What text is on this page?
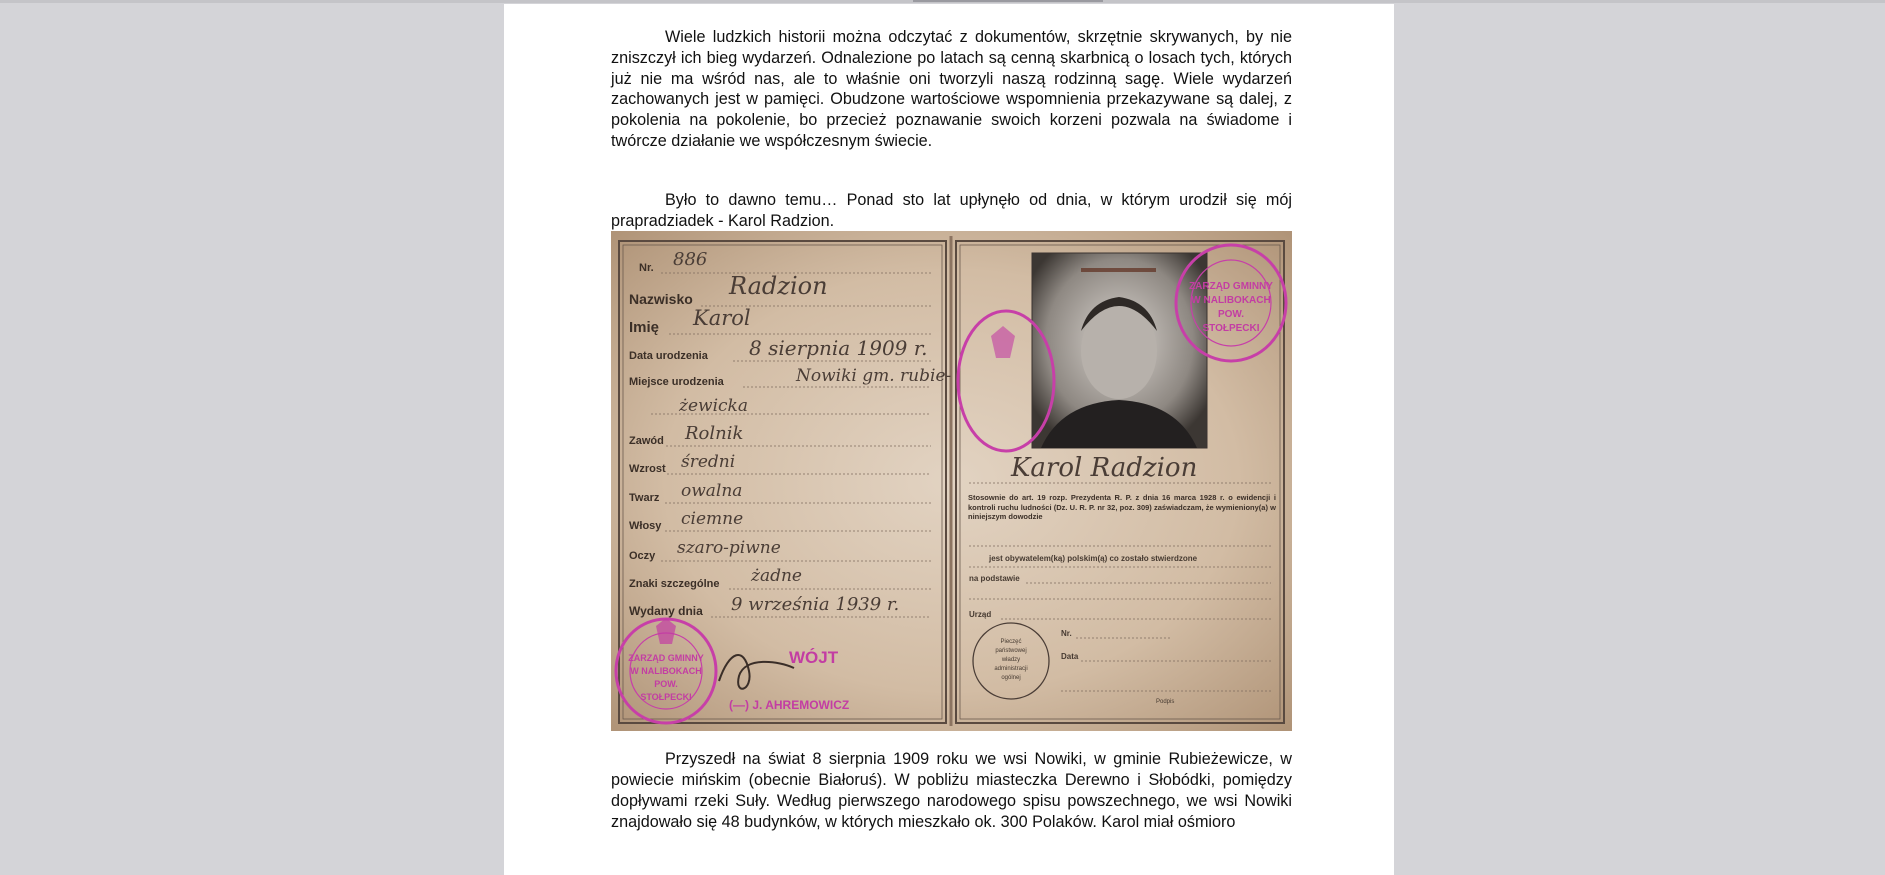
Wiele ludzkich historii można odczytać z dokumentów, skrzętnie skrywanych, by nie zniszczył ich bieg wydarzeń. Odnalezione po latach są cenną skarbnicą o losach tych, których już nie ma wśród nas, ale to właśnie oni tworzyli naszą rodzinną sagę. Wiele wydarzeń zachowanych jest w pamięci. Obudzone wartościowe wspomnienia przekazywane są dalej, z pokolenia na pokolenie, bo przecież poznawanie swoich korzeni pozwala na świadome i twórcze działanie we współczesnym świecie.

Było to dawno temu… Ponad sto lat upłynęło od dnia, w którym urodził się mój prapradziadek - Karol Radzion.

Nr. 886
Nazwisko Radzion
Imię Karol
Data urodzenia 8 sierpnia 1909 r.
Miejsce urodzenia	Nowiki gm. rubie-
żewicka
Zawód Rolnik
Wzrost średni
Twarz owalna
Włosy ciemne
Oczy szaro-piwne
Znaki szczególne żadne
Wydany dnia 9 września 1939 r.
ZARZĄD GMINNY
W NALIBOKACH
POW.
STOŁPECKI
WÓJT
(—) J. AHREMOWICZ
ZARZĄD GMINNY
W NALIBOKACH
POW.
STOŁPECKI
Karol Radzion
Stosownie do art. 19 rozp. Prezydenta R. P. z dnia 16 marca 1928 r. o ewidencji i kontroli ruchu ludności (Dz. U. R. P. nr 32, poz. 309) zaświadczam, że wymieniony(a) w niniejszym dowodzie
jest obywatelem(ką) polskim(ą) co zostało stwierdzone
na podstawie
Urząd
Pieczęć
państwowej
władzy
administracji
ogólnej
Nr.
Data
Podpis

Przyszedł na świat 8 sierpnia 1909 roku we wsi Nowiki, w gminie Rubieżewicze, w powiecie mińskim (obecnie Białoruś). W pobliżu miasteczka Derewno i Słobódki, pomiędzy dopływami rzeki Suły. Według pierwszego narodowego spisu powszechnego, we wsi Nowiki znajdowało się 48 budynków, w których mieszkało ok. 300 Polaków. Karol miał ośmioro
